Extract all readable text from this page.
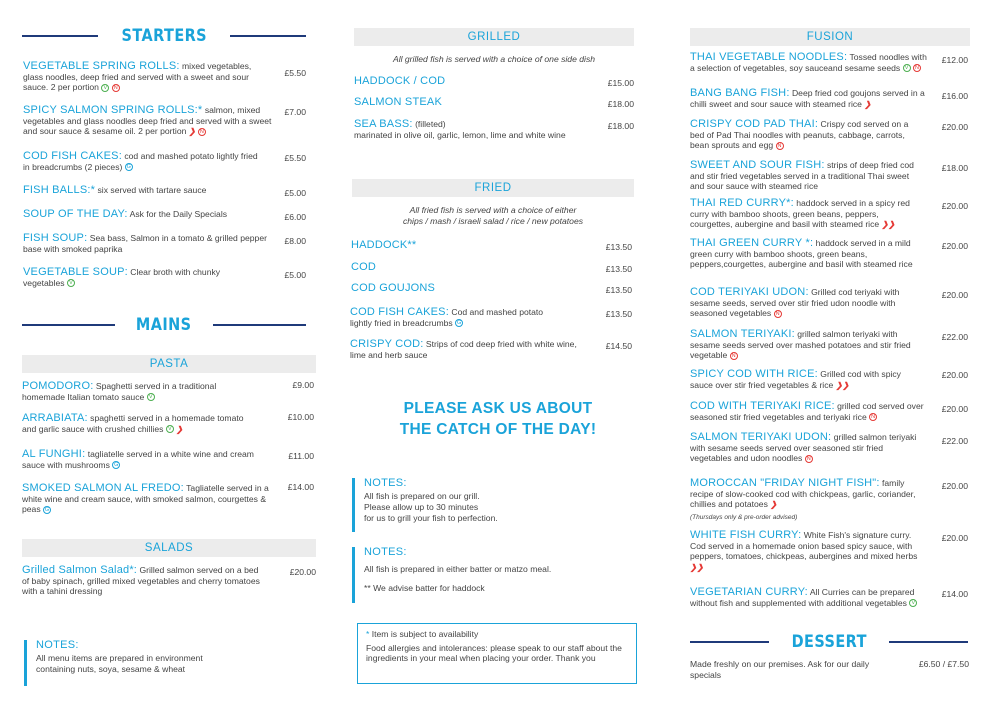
STARTERS
VEGETABLE SPRING ROLLS: mixed vegetables, glass noodles, deep fried and served with a sweet and sour sauce. 2 per portion V N
£5.50
SPICY SALMON SPRING ROLLS:* salmon, mixed vegetables and glass noodles deep fried and served with a sweet and sour sauce & sesame oil. 2 per portion ❯ N
£7.00
COD FISH CAKES: cod and mashed potato lightly fried in breadcrumbs (2 pieces) G
£5.50
FISH BALLS:* six served with tartare sauce	£5.00
SOUP OF THE DAY: Ask for the Daily Specials	£6.00
FISH SOUP: Sea bass, Salmon in a tomato & grilled pepper base with smoked paprika
£8.00
VEGETABLE SOUP: Clear broth with chunky vegetables V
£5.00
MAINS
PASTA
POMODORO: Spaghetti served in a traditional homemade Italian tomato sauce V
£9.00
ARRABIATA: spaghetti served in a homemade tomato and garlic sauce with crushed chillies V ❯
£10.00
AL FUNGHI: tagliatelle served in a white wine and cream sauce with mushrooms G
£11.00
SMOKED SALMON AL FREDO: Tagliatelle served in a white wine and cream sauce, with smoked salmon, courgettes & peas G
£14.00
SALADS
Grilled Salmon Salad*: Grilled salmon served on a bed of baby spinach, grilled mixed vegetables and cherry tomatoes with a tahini dressing
£20.00
NOTES:
All menu items are prepared in environment containing nuts, soya, sesame & wheat
GRILLED
All grilled fish is served with a choice of one side dish
HADDOCK / COD	£15.00
SALMON STEAK	£18.00
SEA BASS: (filleted)
marinated in olive oil, garlic, lemon, lime and white wine
£18.00
FRIED
All fried fish is served with a choice of either
chips / mash / israeli salad / rice / new potatoes
HADDOCK**	£13.50
COD	£13.50
COD GOUJONS	£13.50
COD FISH CAKES: Cod and mashed potato lightly fried in breadcrumbs G
£13.50
CRISPY COD: Strips of cod deep fried with white wine, lime and herb sauce
£14.50
PLEASE ASK US ABOUT
THE CATCH OF THE DAY!
NOTES:
All fish is prepared on our grill.
Please allow up to 30 minutes
for us to grill your fish to perfection.
NOTES:
All fish is prepared in either batter or matzo meal.
** We advise batter for haddock
* Item is subject to availability
Food allergies and intolerances: please speak to our staff about the ingredients in your meal when placing your order. Thank you
FUSION
THAI VEGETABLE NOODLES: Tossed noodles with a selection of vegetables, soy sauceand sesame seeds V N
£12.00
BANG BANG FISH: Deep fried cod goujons served in a chilli sweet and sour sauce with steamed rice ❯
£16.00
CRISPY COD PAD THAI: Crispy cod served on a bed of Pad Thai noodles with peanuts, cabbage, carrots, bean sprouts and egg N
£20.00
SWEET AND SOUR FISH: strips of deep fried cod and stir fried vegetables served in a traditional Thai sweet and sour sauce with steamed rice
£18.00
THAI RED CURRY*: haddock served in a spicy red curry with bamboo shoots, green beans, peppers, courgettes, aubergine and basil with steamed rice ❯❯
£20.00
THAI GREEN CURRY *: haddock served in a mild green curry with bamboo shoots, green beans, peppers,courgettes, aubergine and basil with steamed rice
£20.00
COD TERIYAKI UDON: Grilled cod teriyaki with sesame seeds, served over stir fried udon noodle with seasoned vegetables N
£20.00
SALMON TERIYAKI: grilled salmon teriyaki with sesame seeds served over mashed potatoes and stir fried vegetable N
£22.00
SPICY COD WITH RICE: Grilled cod with spicy sauce over stir fried vegetables & rice ❯❯
£20.00
COD WITH TERIYAKI RICE: grilled cod served over seasoned stir fried vegetables and teriyaki rice N
£20.00
SALMON TERIYAKI UDON: grilled salmon teriyaki with sesame seeds served over seasoned stir fried vegetables and udon noodles N
£22.00
MOROCCAN "FRIDAY NIGHT FISH": family recipe of slow-cooked cod with chickpeas, garlic, coriander, chillies and potatoes ❯
(Thursdays only & pre-order advised)
£20.00
WHITE FISH CURRY: White Fish's signature curry. Cod served in a homemade onion based spicy sauce, with peppers, tomatoes, chickpeas, aubergines and mixed herbs ❯❯
£20.00
VEGETARIAN CURRY: All Curries can be prepared without fish and supplemented with additional vegetables V
£14.00
DESSERT
Made freshly on our premises. Ask for our daily specials
£6.50 / £7.50
